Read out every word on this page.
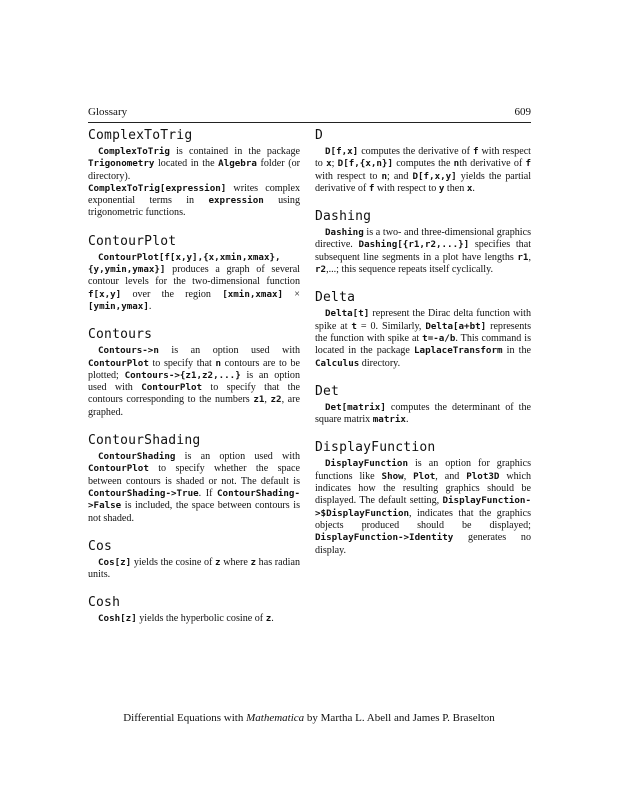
Glossary	609
ComplexToTrig

ComplexToTrig is contained in the package Trigonometry located in the Algebra folder (or directory).

ComplexToTrig[expression] writes complex exponential terms in expression using trigonometric functions.

ContourPlot

ContourPlot[f[x,y],{x,xmin,xmax},{y,ymin,ymax}] produces a graph of several contour levels for the two-dimensional function f[x,y] over the region [xmin,xmax] × [ymin,ymax].

Contours

Contours->n is an option used with ContourPlot to specify that n contours are to be plotted; Contours->{z1,z2,...} is an option used with ContourPlot to specify that the contours corresponding to the numbers z1, z2, are graphed.

ContourShading

ContourShading is an option used with ContourPlot to specify whether the space between contours is shaded or not. The default is ContourShading->True. If ContourShading->False is included, the space between contours is not shaded.

Cos

Cos[z] yields the cosine of z where z has radian units.

Cosh

Cosh[z] yields the hyperbolic cosine of z.

D

D[f,x] computes the derivative of f with respect to x; D[f,{x,n}] computes the nth derivative of f with respect to n; and D[f,x,y] yields the partial derivative of f with respect to y then x.

Dashing

Dashing is a two- and three-dimensional graphics directive. Dashing[{r1,r2,...}] specifies that subsequent line segments in a plot have lengths r1, r2,...; this sequence repeats itself cyclically.

Delta

Delta[t] represent the Dirac delta function with spike at t = 0. Similarly, Delta[a+bt] represents the function with spike at t=-a/b. This command is located in the package LaplaceTransform in the Calculus directory.

Det

Det[matrix] computes the determinant of the square matrix matrix.

DisplayFunction

DisplayFunction is an option for graphics functions like Show, Plot, and Plot3D which indicates how the resulting graphics should be displayed. The default setting, DisplayFunction->$DisplayFunction, indicates that the graphics objects produced should be displayed; DisplayFunction->Identity generates no display.

Differential Equations with Mathematica by Martha L. Abell and James P. Braselton
